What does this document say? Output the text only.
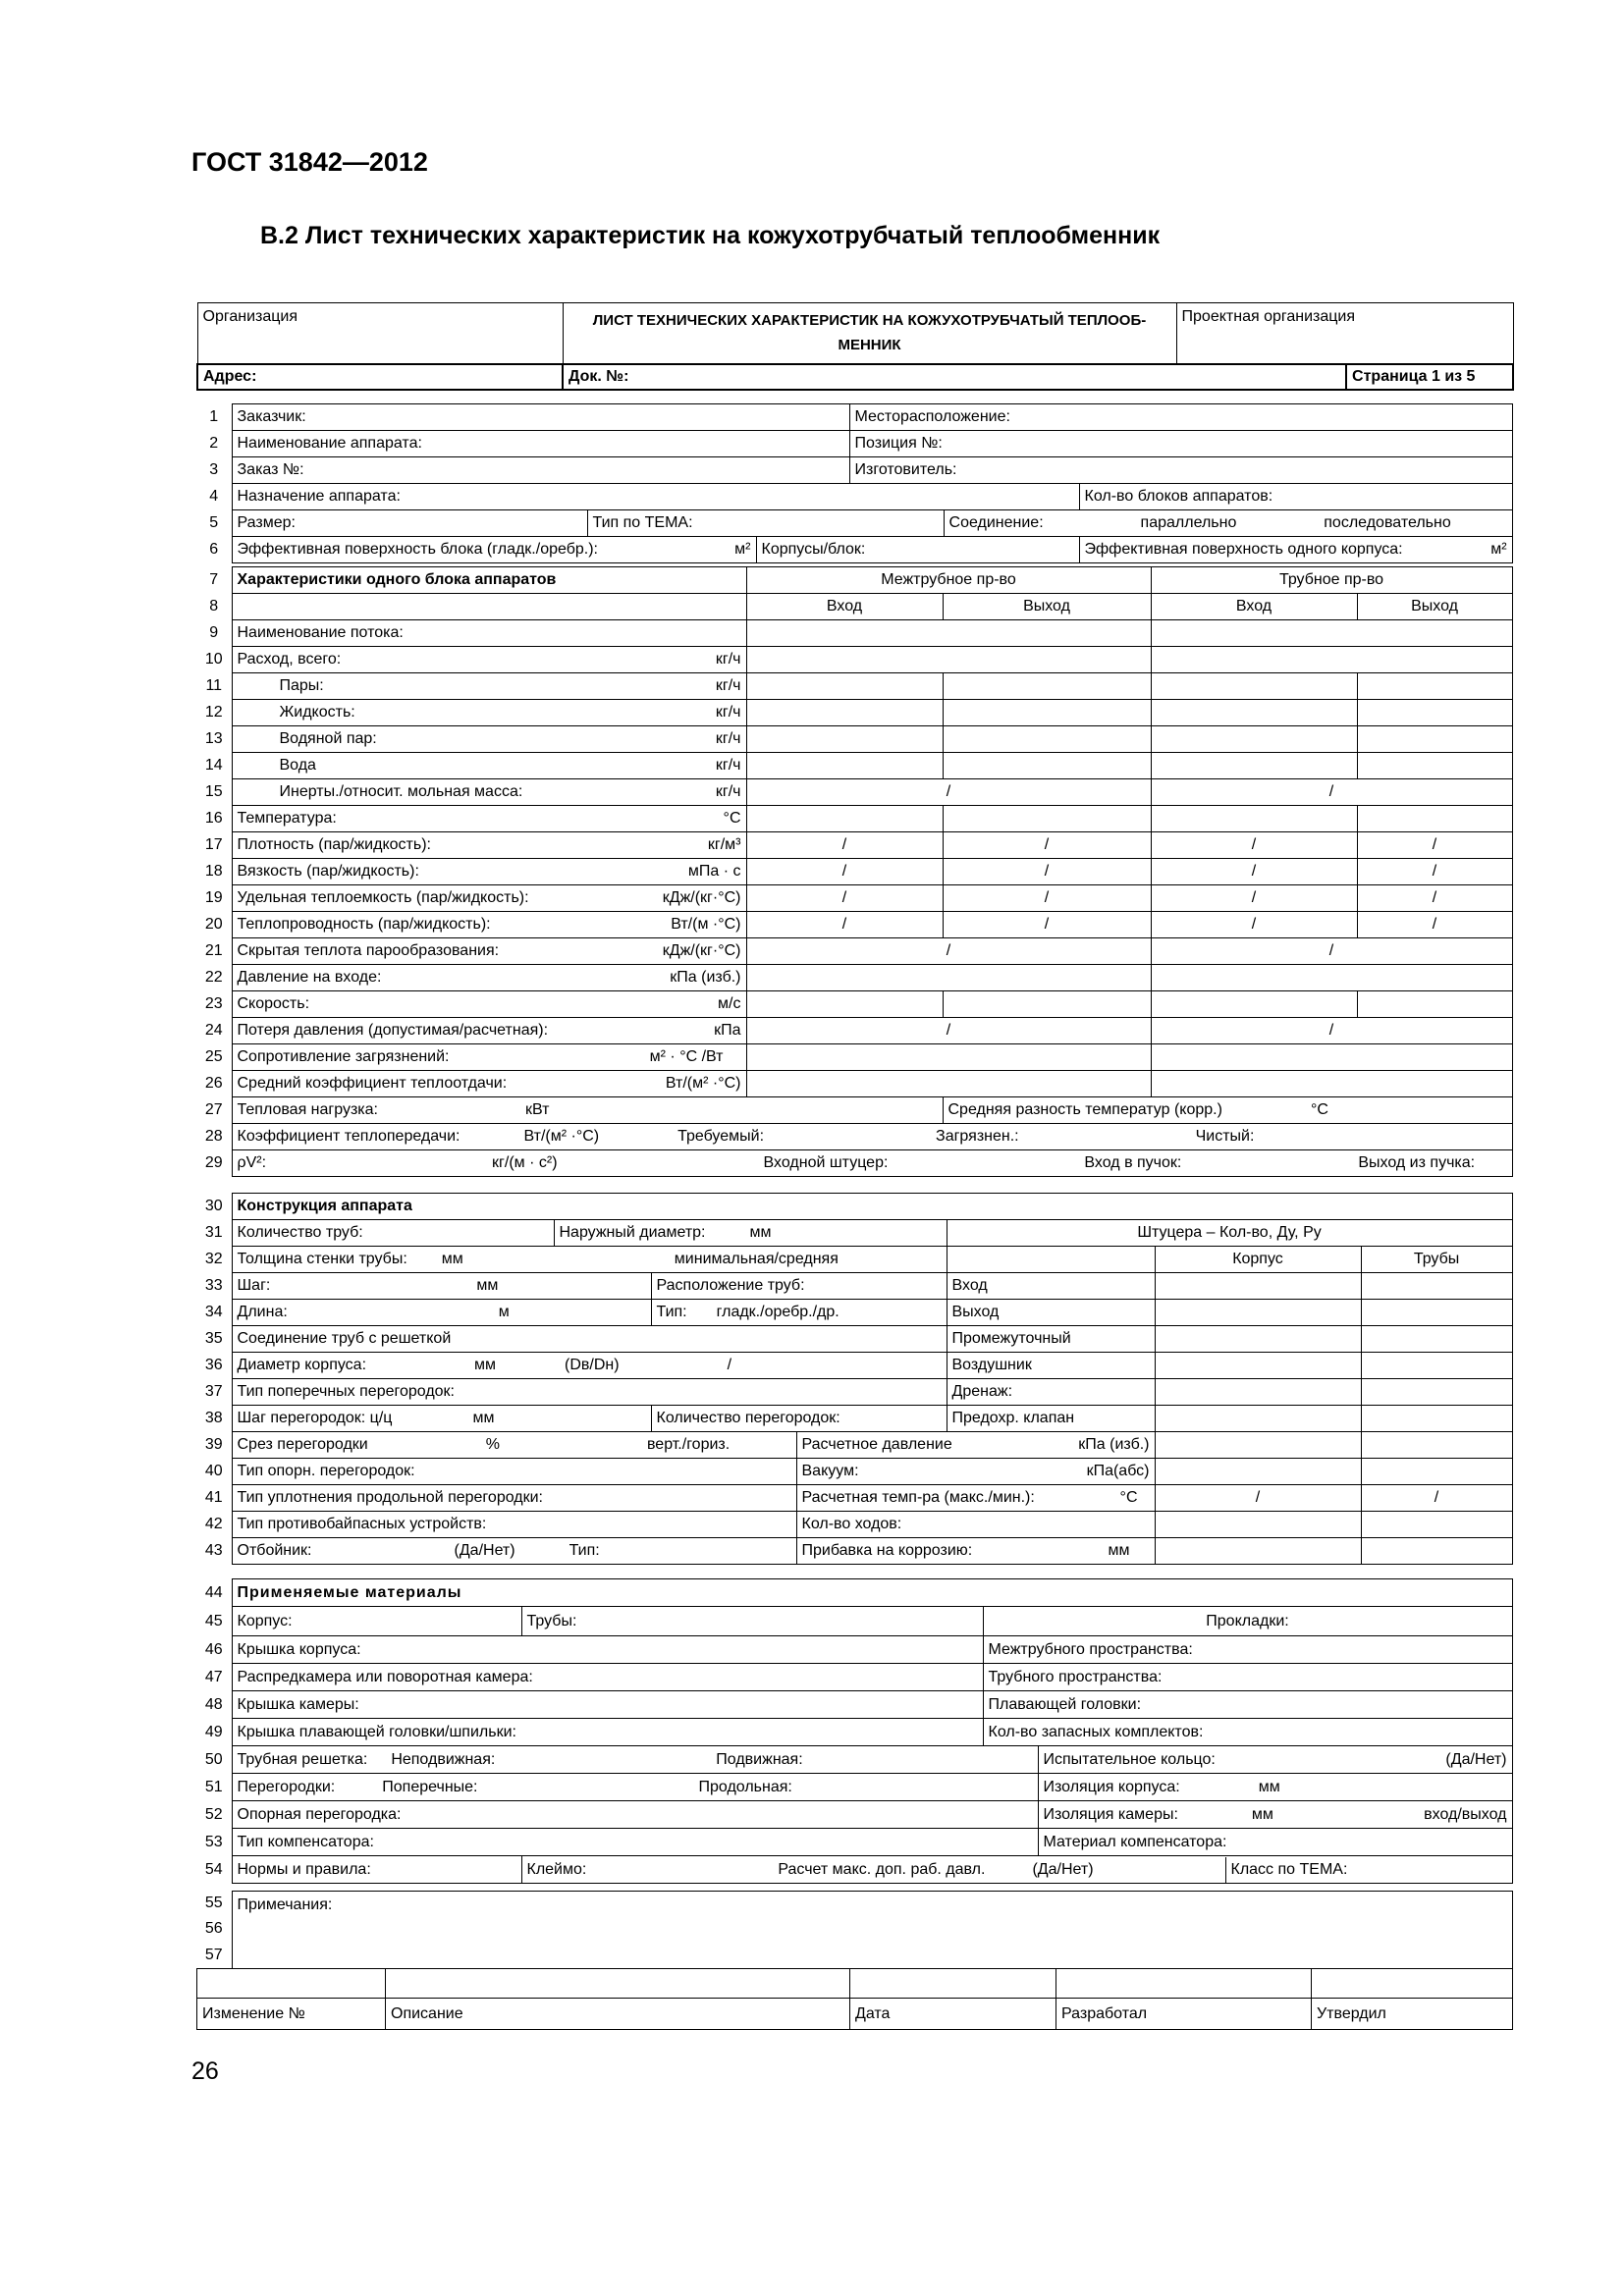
ГОСТ 31842—2012
В.2 Лист технических характеристик на кожухотрубчатый теплообменник
Организация	ЛИСТ ТЕХНИЧЕСКИХ ХАРАКТЕРИСТИК НА КОЖУХОТРУБЧАТЫЙ ТЕПЛООБ-МЕННИК	Проектная организация	
Адрес:	Док. №:		Страница 1 из 5
1	Заказчик:			Месторасположение:		
2	Наименование аппарата:			Позиция №:		
3	Заказ №:			Изготовитель:		
4	Назначение аппарата:					Кол-во блоков аппаратов:
5	Размер:	Тип по ТЕМА:			Соединение: параллельно последовательно	
6	Эффективная поверхность блока (гладк./оребр.): м²		Корпусы/блок:			Эффективная поверхность одного корпуса: м²
7	Характеристики одного блока аппаратов	Межтрубное пр-во		Трубное пр-во	
8		Вход	Выход	Вход	Выход
9	Наименование потока:				
10	Расход, всего: кг/ч				

11	Пары: кг/ч				

12	Жидкость: кг/ч				

13	Водяной пар: кг/ч				

14	Вода кг/ч				

15	Инерты./относит. мольная масса: кг/ч	/		/	
16	Температура: °С				

17	Плотность (пар/жидкость): кг/м³	/	/	/	/
18	Вязкость (пар/жидкость): мПа · с	/	/	/	/
19	Удельная теплоемкость (пар/жидкость): кДж/(кг·°С)	/	/	/	/
20	Теплопроводность (пар/жидкость): Вт/(м ·°С)	/	/	/	/
21	Скрытая теплота парообразования: кДж/(кг·°С)	/		/	
22	Давление на входе: кПа (изб.)				

23	Скорость: м/с				

24	Потеря давления (допустимая/расчетная): кПа	/		/	
25	Сопротивление загрязнений: м² · °С /Вт				

26	Средний коэффициент теплоотдачи: Вт/(м² ·°С)				

27	Тепловая нагрузка: кВт		Средняя разность температур (корр.) °С		
28	Коэффициент теплопередачи: Вт/(м² ·°С) Требуемый: Загрязнен.: Чистый:				
29	ρV²: кг/(м · с²) Входной штуцер: Вход в пучок: Выход из пучка:				
30	Конструкция аппарата						
31	Количество труб:	Наружный диаметр: мм			Штуцера – Кол-во, Ду, Ру		
32	Толщина стенки трубы: мм минимальная/средняя					Корпус	Трубы
33	Шаг: мм		Расположение труб:		Вход		
34	Длина: м		Тип: гладк./оребр./др.		Выход		
35	Соединение труб с решеткой				Промежуточный		
36	Диаметр корпуса: мм (Dв/Dн) /				Воздушник		
37	Тип поперечных перегородок:				Дренаж:		
38	Шаг перегородок: ц/ц мм		Количество перегородок:		Предохр. клапан		
39	Срез перегородки % верт./гориз.			Расчетное давление кПа (изб.)			

40	Тип опорн. перегородок:			Вакуум: кПа(абс)			

41	Тип уплотнения продольной перегородки:			Расчетная темп-ра (макс./мин.): °С		/	/
42	Тип противобайпасных устройств:			Кол-во ходов:			
43	Отбойник: (Да/Нет) Тип:			Прибавка на коррозию: мм			

44	Применяемые материалы			
45	Корпус:	Трубы:	Прокладки:	
46	Крышка корпуса:		Межтрубного пространства:	
47	Распредкамера или поворотная камера:		Трубного пространства:	
48	Крышка камеры:		Плавающей головки:	
49	Крышка плавающей головки/шпильки:		Кол-во запасных комплектов:	
50	Трубная решетка: Неподвижная: Подвижная:			Испытательное кольцо: (Да/Нет)

51	Перегородки: Поперечные: Продольная:			Изоляция корпуса: мм
52	Опорная перегородка:			Изоляция камеры: мм вход/выход

53	Тип компенсатора:			Материал компенсатора:
54	Нормы и правила:	Клеймо: Расчет макс. доп. раб. давл. (Да/Нет) Класс по TEMA:		
55	Примечания:
56
57

Изменение №	Описание	Дата	Разработал	Утвердил
26
